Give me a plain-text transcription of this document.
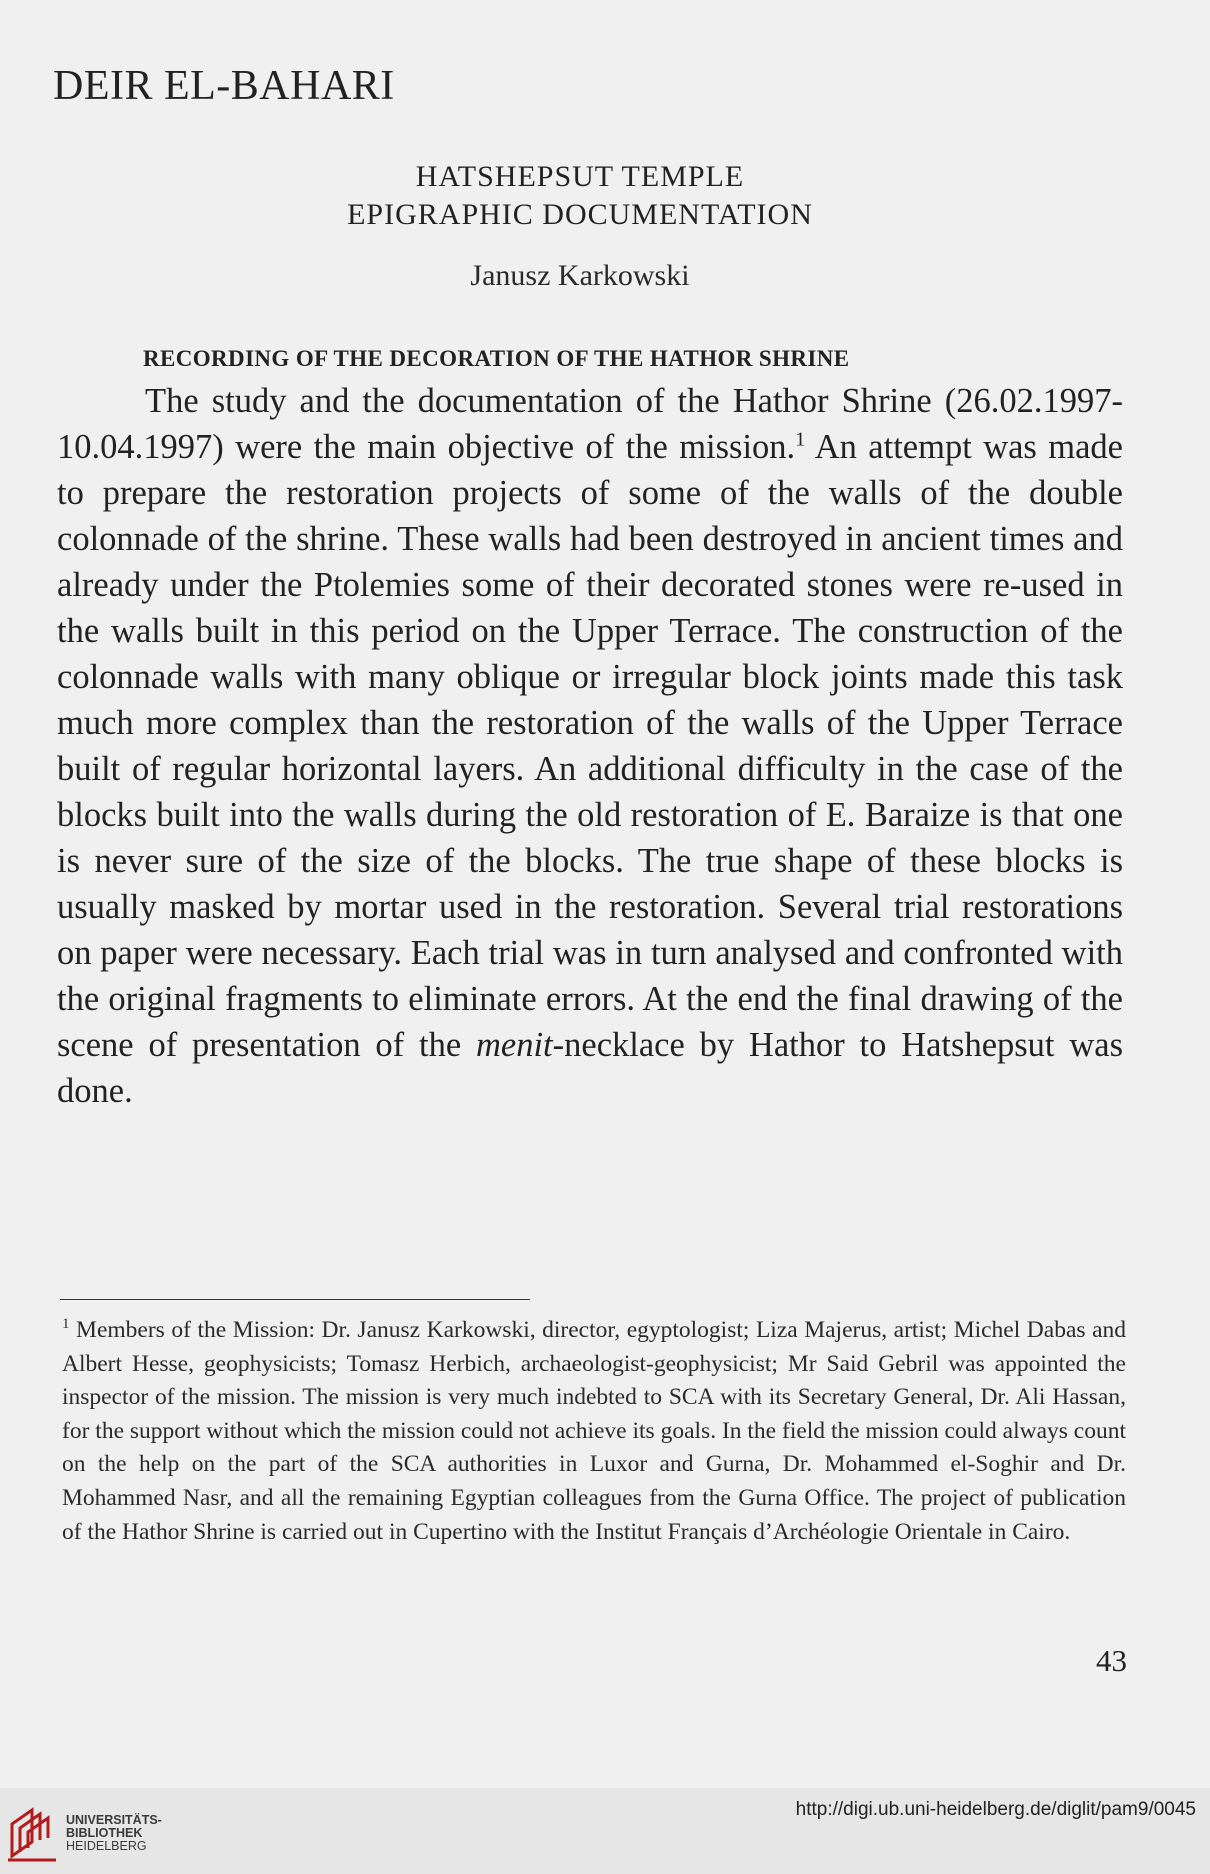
DEIR EL-BAHARI
HATSHEPSUT TEMPLE
EPIGRAPHIC DOCUMENTATION
Janusz Karkowski
RECORDING OF THE DECORATION OF THE HATHOR SHRINE
The study and the documentation of the Hathor Shrine (26.02.1997-10.04.1997) were the main objective of the mission.$^1$ An attempt was made to prepare the restoration projects of some of the walls of the double colonnade of the shrine. These walls had been destroyed in ancient times and already under the Ptolemies some of their decorated stones were re-used in the walls built in this period on the Upper Terrace. The construction of the colonnade walls with many oblique or irregular block joints made this task much more complex than the restoration of the walls of the Upper Terrace built of regular horizontal layers. An additional difficulty in the case of the blocks built into the walls during the old restoration of E. Baraize is that one is never sure of the size of the blocks. The true shape of these blocks is usually masked by mortar used in the restoration. Several trial restorations on paper were necessary. Each trial was in turn analysed and confronted with the original fragments to eliminate errors. At the end the final drawing of the scene of presentation of the menit-necklace by Hathor to Hatshepsut was done.
$^1$ Members of the Mission: Dr. Janusz Karkowski, director, egyptologist; Liza Majerus, artist; Michel Dabas and Albert Hesse, geophysicists; Tomasz Herbich, archaeologist-geophysicist; Mr Said Gebril was appointed the inspector of the mission. The mission is very much indebted to SCA with its Secretary General, Dr. Ali Hassan, for the support without which the mission could not achieve its goals. In the field the mission could always count on the help on the part of the SCA authorities in Luxor and Gurna, Dr. Mohammed el-Soghir and Dr. Mohammed Nasr, and all the remaining Egyptian colleagues from the Gurna Office. The project of publication of the Hathor Shrine is carried out in Cupertino with the Institut Français d’Archéologie Orientale in Cairo.
43
UNIVERSITÄTS-
BIBLIOTHEK
HEIDELBERG
http://digi.ub.uni-heidelberg.de/diglit/pam9/0045
